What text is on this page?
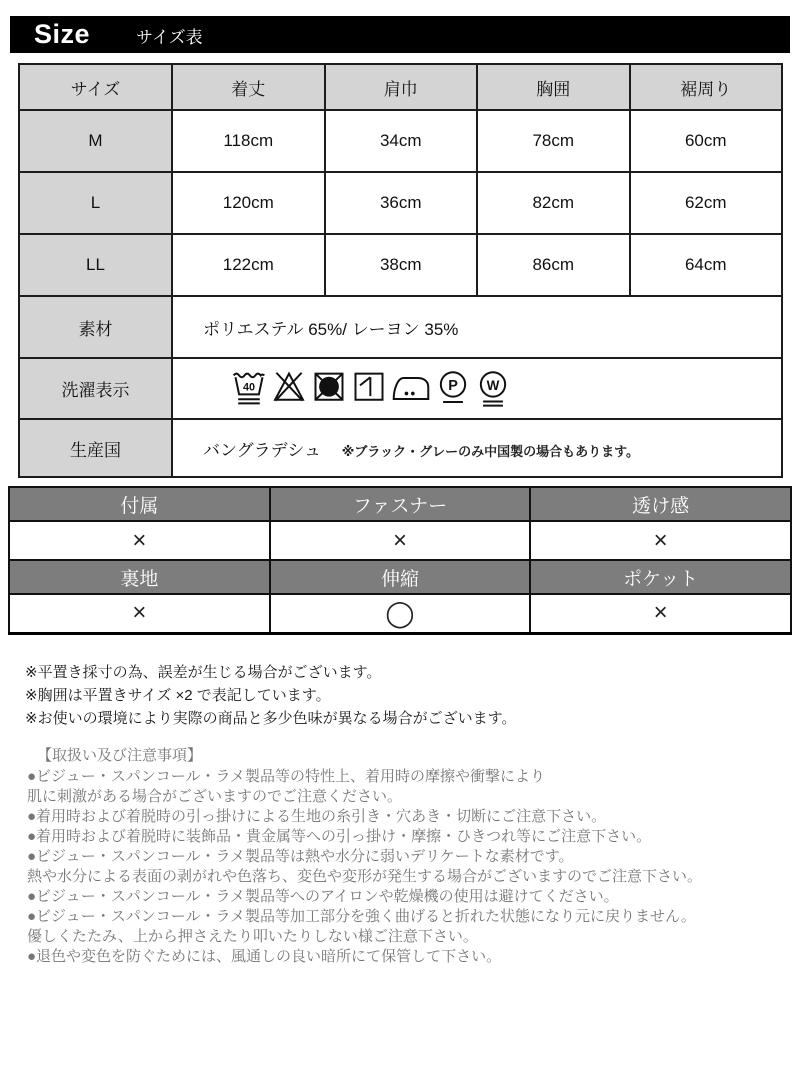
Size	サイズ表
サイズ	着丈	肩巾	胸囲	裾周り
M	118cm	34cm	78cm	60cm
L	120cm	36cm	82cm	62cm
LL	122cm	38cm	86cm	64cm
素材	ポリエステル 65%/ レーヨン 35%			
洗濯表示	40 P W			

生産国	バングラデシュ ※ブラック・グレーのみ中国製の場合もあります。			
付属	ファスナー	透け感
×	×	×
裏地	伸縮	ポケット
×	◯	×

※平置き採寸の為、誤差が生じる場合がございます。

※胸囲は平置きサイズ ×2 で表記しています。

※お使いの環境により実際の商品と多少色味が異なる場合がございます。

【取扱い及び注意事項】

●ビジュー・スパンコール・ラメ製品等の特性上、着用時の摩擦や衝撃により

肌に刺激がある場合がございますのでご注意ください。

●着用時および着脱時の引っ掛けによる生地の糸引き・穴あき・切断にご注意下さい。

●着用時および着脱時に装飾品・貴金属等への引っ掛け・摩擦・ひきつれ等にご注意下さい。

●ビジュー・スパンコール・ラメ製品等は熱や水分に弱いデリケートな素材です。

熱や水分による表面の剥がれや色落ち、変色や変形が発生する場合がございますのでご注意下さい。

●ビジュー・スパンコール・ラメ製品等へのアイロンや乾燥機の使用は避けてください。

●ビジュー・スパンコール・ラメ製品等加工部分を強く曲げると折れた状態になり元に戻りません。

優しくたたみ、上から押さえたり叩いたりしない様ご注意下さい。

●退色や変色を防ぐためには、風通しの良い暗所にて保管して下さい。
